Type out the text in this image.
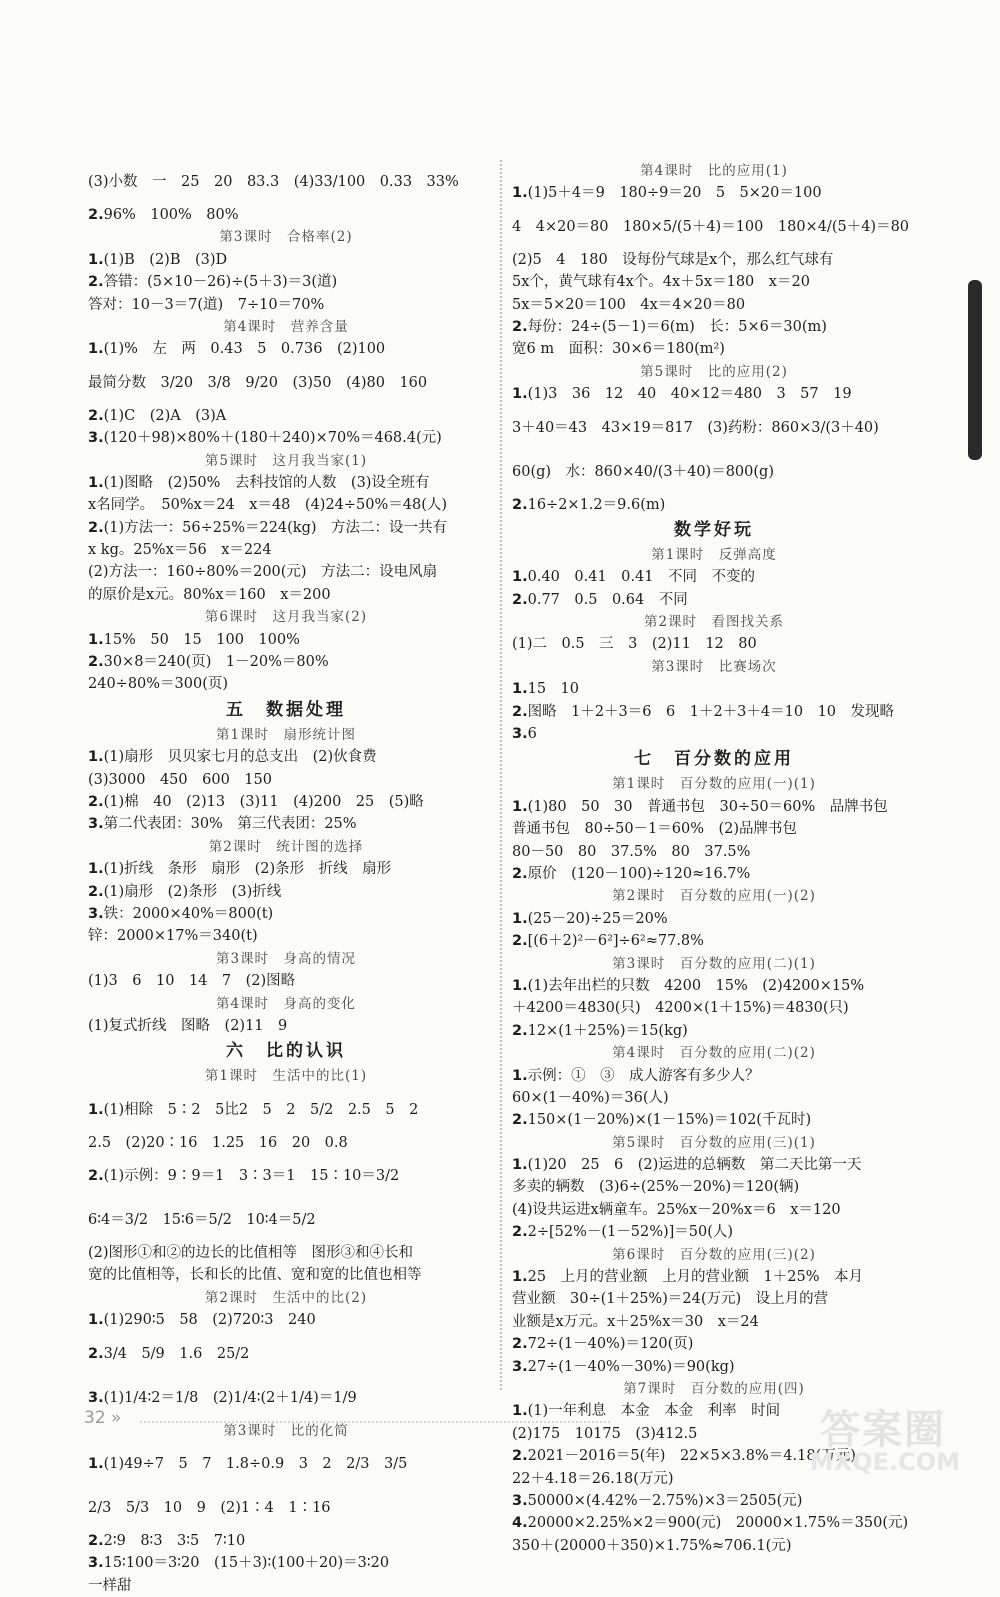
(3)小数　一　25　20　83.3　(4)33/100　0.33　33%
2.96%　100%　80%
第3课时　合格率(2)
1.(1)B　(2)B　(3)D
2.答错：(5×10－26)÷(5＋3)＝3(道)
答对：10－3＝7(道)　7÷10＝70%
第4课时　营养含量
1.(1)%　左　两　0.43　5　0.736　(2)100
最简分数　3/20　3/8　9/20　(3)50　(4)80　160
2.(1)C　(2)A　(3)A
3.(120＋98)×80%＋(180＋240)×70%＝468.4(元)
第5课时　这月我当家(1)
1.(1)图略　(2)50%　去科技馆的人数　(3)设全班有
x名同学。　50%x＝24　x＝48　(4)24÷50%＝48(人)
2.(1)方法一：56÷25%＝224(kg)　方法二：设一共有
x kg。25%x＝56　x＝224
(2)方法一：160÷80%＝200(元)　方法二：设电风扇
的原价是x元。80%x＝160　x＝200
第6课时　这月我当家(2)
1.15%　50　15　100　100%
2.30×8＝240(页)　1－20%＝80%
240÷80%＝300(页)
五　数据处理
第1课时　扇形统计图
1.(1)扇形　贝贝家七月的总支出　(2)伙食费
(3)3000　450　600　150
2.(1)棉　40　(2)13　(3)11　(4)200　25　(5)略
3.第二代表团：30%　第三代表团：25%
第2课时　统计图的选择
1.(1)折线　条形　扇形　(2)条形　折线　扇形
2.(1)扇形　(2)条形　(3)折线
3.铁：2000×40%＝800(t)
锌：2000×17%＝340(t)
第3课时　身高的情况
(1)3　6　10　14　7　(2)图略
第4课时　身高的变化
(1)复式折线　图略　(2)11　9
六　比的认识
第1课时　生活中的比(1)
1.(1)相除　5∶2　5比2　5　2　5/2　2.5　5　2
2.5　(2)20∶16　1.25　16　20　0.8
2.(1)示例：9∶9＝1　3∶3＝1　15∶10＝3/2
6∶4＝3/2　15∶6＝5/2　10∶4＝5/2
(2)图形①和②的边长的比值相等　图形③和④长和
宽的比值相等，长和长的比值、宽和宽的比值也相等
第2课时　生活中的比(2)
1.(1)290∶5　58　(2)720∶3　240
2.3/4　5/9　1.6　25/2
3.(1)1/4∶2＝1/8　(2)1/4∶(2＋1/4)＝1/9
第3课时　比的化简
1.(1)49÷7　5　7　1.8÷0.9　3　2　2/3　3/5
2/3　5/3　10　9　(2)1∶4　1∶16
2.2∶9　8∶3　3∶5　7∶10
3.15∶100＝3∶20　(15＋3)∶(100＋20)＝3∶20
一样甜
第4课时　比的应用(1)
1.(1)5＋4＝9　180÷9＝20　5　5×20＝100
4　4×20＝80　180×5/(5＋4)＝100　180×4/(5＋4)＝80
(2)5　4　180　设每份气球是x个，那么红气球有
5x个，黄气球有4x个。4x＋5x＝180　x＝20
5x＝5×20＝100　4x＝4×20＝80
2.每份：24÷(5－1)＝6(m)　长：5×6＝30(m)
宽6 m　面积：30×6＝180(m²)
第5课时　比的应用(2)
1.(1)3　36　12　40　40×12＝480　3　57　19
3＋40＝43　43×19＝817　(3)药粉：860×3/(3＋40)
60(g)　水：860×40/(3＋40)＝800(g)
2.16÷2×1.2＝9.6(m)
数学好玩
第1课时　反弹高度
1.0.40　0.41　0.41　不同　不变的
2.0.77　0.5　0.64　不同
第2课时　看图找关系
(1)二　0.5　三　3　(2)11　12　80
第3课时　比赛场次
1.15　10
2.图略　1＋2＋3＝6　6　1＋2＋3＋4＝10　10　发现略
3.6
七　百分数的应用
第1课时　百分数的应用(一)(1)
1.(1)80　50　30　普通书包　30÷50＝60%　品牌书包
普通书包　80÷50－1＝60%　(2)品牌书包
80－50　80　37.5%　80　37.5%
2.原价　(120－100)÷120≈16.7%
第2课时　百分数的应用(一)(2)
1.(25－20)÷25＝20%
2.[(6＋2)²－6²]÷6²≈77.8%
第3课时　百分数的应用(二)(1)
1.(1)去年出栏的只数　4200　15%　(2)4200×15%
＋4200＝4830(只)　4200×(1＋15%)＝4830(只)
2.12×(1＋25%)＝15(kg)
第4课时　百分数的应用(二)(2)
1.示例：①　③　成人游客有多少人？
60×(1－40%)＝36(人)
2.150×(1－20%)×(1－15%)＝102(千瓦时)
第5课时　百分数的应用(三)(1)
1.(1)20　25　6　(2)运进的总辆数　第二天比第一天
多卖的辆数　(3)6÷(25%－20%)＝120(辆)
(4)设共运进x辆童车。25%x－20%x＝6　x＝120
2.2÷[52%－(1－52%)]＝50(人)
第6课时　百分数的应用(三)(2)
1.25　上月的营业额　上月的营业额　1＋25%　本月
营业额　30÷(1＋25%)＝24(万元)　设上月的营
业额是x万元。x＋25%x＝30　x＝24
2.72÷(1－40%)＝120(页)
3.27÷(1－40%－30%)＝90(kg)
第7课时　百分数的应用(四)
1.(1)一年利息　本金　本金　利率　时间
(2)175　10175　(3)412.5
2.2021－2016＝5(年)　22×5×3.8%＝4.18(万元)
22＋4.18＝26.18(万元)
3.50000×(4.42%－2.75%)×3＝2505(元)
4.20000×2.25%×2＝900(元)　20000×1.75%＝350(元)
350＋(20000＋350)×1.75%≈706.1(元)
32 »	答案圈
MXQE.COM
